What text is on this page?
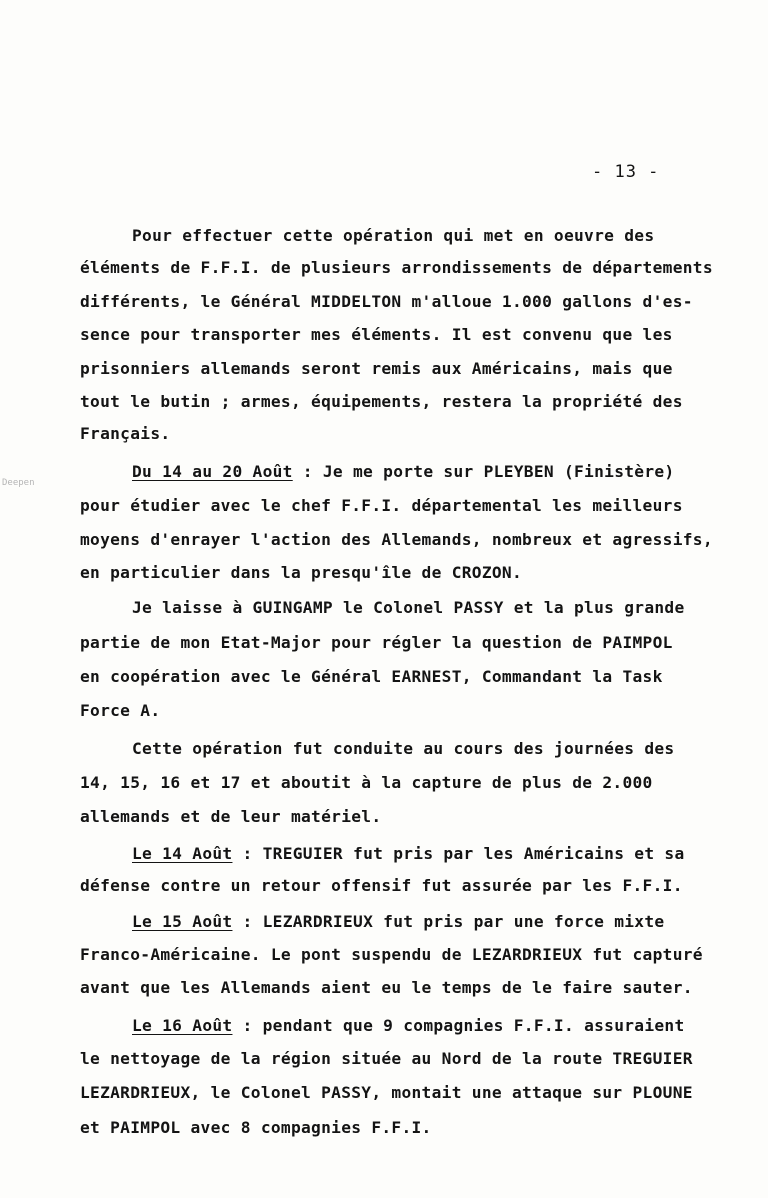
- 13 -
Deepen
Pour effectuer cette opération qui met en oeuvre des
éléments de F.F.I. de plusieurs arrondissements de départements
différents, le Général MIDDELTON m'alloue 1.000 gallons d'es-
sence pour transporter mes éléments. Il est convenu que les
prisonniers allemands seront remis aux Américains, mais que
tout le butin ; armes, équipements, restera la propriété des
Français.
Du 14 au 20 Août : Je me porte sur PLEYBEN (Finistère)
pour étudier avec le chef F.F.I. départemental les meilleurs
moyens d'enrayer l'action des Allemands, nombreux et agressifs,
en particulier dans la presqu'île de CROZON.
Je laisse à GUINGAMP le Colonel PASSY et la plus grande
partie de mon Etat-Major pour régler la question de PAIMPOL
en coopération avec le Général EARNEST, Commandant la Task
Force A.
Cette opération fut conduite au cours des journées des
14, 15, 16 et 17 et aboutit à la capture de plus de 2.000
allemands et de leur matériel.
Le 14 Août : TREGUIER fut pris par les Américains et sa
défense contre un retour offensif fut assurée par les F.F.I.
Le 15 Août : LEZARDRIEUX fut pris par une force mixte
Franco-Américaine. Le pont suspendu de LEZARDRIEUX fut capturé
avant que les Allemands aient eu le temps de le faire sauter.
Le 16 Août : pendant que 9 compagnies F.F.I. assuraient
le nettoyage de la région située au Nord de la route TREGUIER
LEZARDRIEUX, le Colonel PASSY, montait une attaque sur PLOUNE
et PAIMPOL avec 8 compagnies F.F.I.
